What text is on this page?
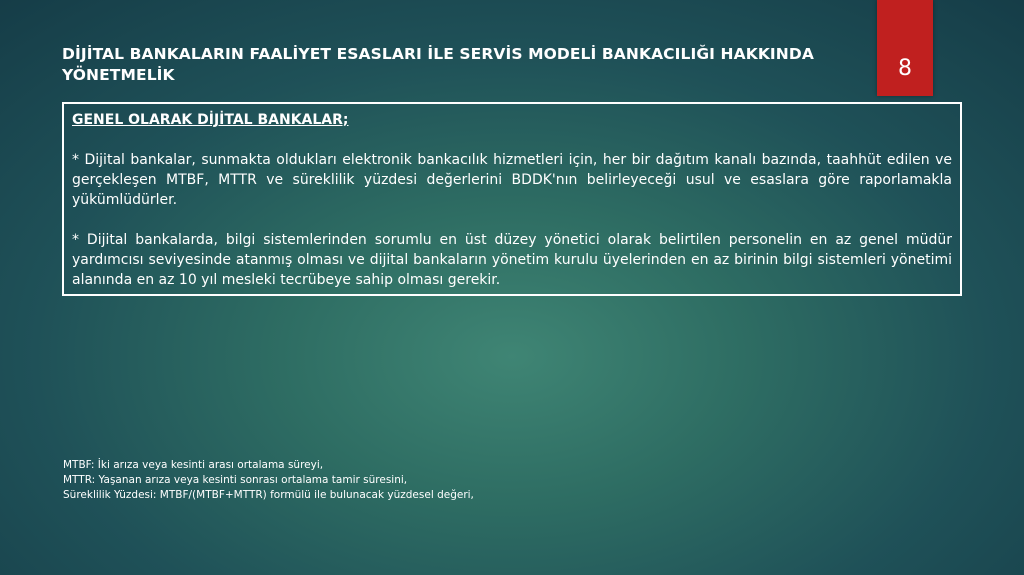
DİJİTAL BANKALARIN FAALİYET ESASLARI İLE SERVİS MODELİ BANKACILIĞI HAKKINDA YÖNETMELİK	8

GENEL OLARAK DİJİTAL BANKALAR;

* Dijital bankalar, sunmakta oldukları elektronik bankacılık hizmetleri için, her bir dağıtım kanalı bazında, taahhüt edilen ve gerçekleşen MTBF, MTTR ve süreklilik yüzdesi değerlerini BDDK'nın belirleyeceği usul ve esaslara göre raporlamakla yükümlüdürler.

* Dijital bankalarda, bilgi sistemlerinden sorumlu en üst düzey yönetici olarak belirtilen personelin en az genel müdür yardımcısı seviyesinde atanmış olması ve dijital bankaların yönetim kurulu üyelerinden en az birinin bilgi sistemleri yönetimi alanında en az 10 yıl mesleki tecrübeye sahip olması gerekir.

MTBF: İki arıza veya kesinti arası ortalama süreyi,
MTTR: Yaşanan arıza veya kesinti sonrası ortalama tamir süresini,
Süreklilik Yüzdesi: MTBF/(MTBF+MTTR) formülü ile bulunacak yüzdesel değeri,
